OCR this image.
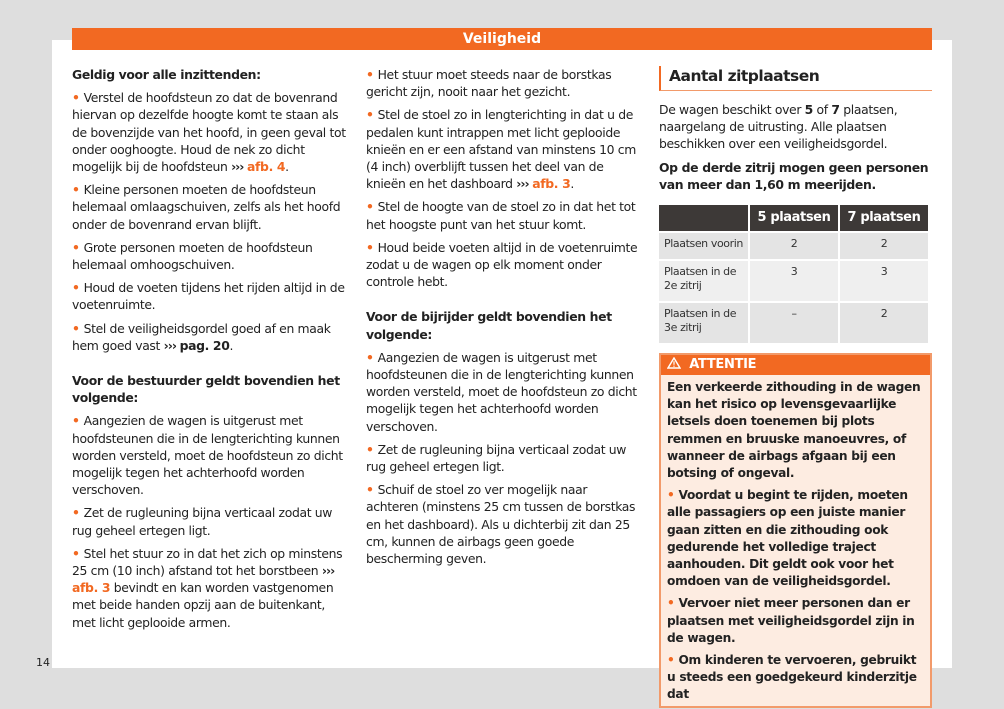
Veiligheid
Geldig voor alle inzittenden:
• Verstel de hoofdsteun zo dat de bovenrand hiervan op dezelfde hoogte komt te staan als de bovenzijde van het hoofd, in geen geval tot onder ooghoogte. Houd de nek zo dicht mogelijk bij de hoofdsteun ››› afb. 4.
• Kleine personen moeten de hoofdsteun helemaal omlaagschuiven, zelfs als het hoofd onder de bovenrand ervan blijft.
• Grote personen moeten de hoofdsteun helemaal omhoogschuiven.
• Houd de voeten tijdens het rijden altijd in de voetenruimte.
• Stel de veiligheidsgordel goed af en maak hem goed vast ››› pag. 20.
Voor de bestuurder geldt bovendien het volgende:
• Aangezien de wagen is uitgerust met hoofdsteunen die in de lengterichting kunnen worden versteld, moet de hoofdsteun zo dicht mogelijk tegen het achterhoofd worden verschoven.
• Zet de rugleuning bijna verticaal zodat uw rug geheel ertegen ligt.
• Stel het stuur zo in dat het zich op minstens 25 cm (10 inch) afstand tot het borstbeen ››› afb. 3 bevindt en kan worden vastgenomen met beide handen opzij aan de buitenkant, met licht geplooide armen.
• Het stuur moet steeds naar de borstkas gericht zijn, nooit naar het gezicht.
• Stel de stoel zo in lengterichting in dat u de pedalen kunt intrappen met licht geplooide knieën en er een afstand van minstens 10 cm (4 inch) overblijft tussen het deel van de knieën en het dashboard ››› afb. 3.
• Stel de hoogte van de stoel zo in dat het tot het hoogste punt van het stuur komt.
• Houd beide voeten altijd in de voetenruimte zodat u de wagen op elk moment onder controle hebt.
Voor de bijrijder geldt bovendien het volgende:
• Aangezien de wagen is uitgerust met hoofdsteunen die in de lengterichting kunnen worden versteld, moet de hoofdsteun zo dicht mogelijk tegen het achterhoofd worden verschoven.
• Zet de rugleuning bijna verticaal zodat uw rug geheel ertegen ligt.
• Schuif de stoel zo ver mogelijk naar achteren (minstens 25 cm tussen de borstkas en het dashboard). Als u dichterbij zit dan 25 cm, kunnen de airbags geen goede bescherming geven.
Aantal zitplaatsen
De wagen beschikt over 5 of 7 plaatsen, naargelang de uitrusting. Alle plaatsen beschikken over een veiligheidsgordel.
Op de derde zitrij mogen geen personen van meer dan 1,60 m meerijden.
	5 plaatsen	7 plaatsen
Plaatsen voorin	2	2
Plaatsen in de 2e zitrij	3	3
Plaatsen in de 3e zitrij	–	2
ATTENTIE
Een verkeerde zithouding in de wagen kan het risico op levensgevaarlijke letsels doen toenemen bij plots remmen en bruuske manoeuvres, of wanneer de airbags afgaan bij een botsing of ongeval.
• Voordat u begint te rijden, moeten alle passagiers op een juiste manier gaan zitten en die zithouding ook gedurende het volledige traject aanhouden. Dit geldt ook voor het omdoen van de veiligheidsgordel.
• Vervoer niet meer personen dan er plaatsen met veiligheidsgordel zijn in de wagen.
• Om kinderen te vervoeren, gebruikt u steeds een goedgekeurd kinderzitje dat
14
